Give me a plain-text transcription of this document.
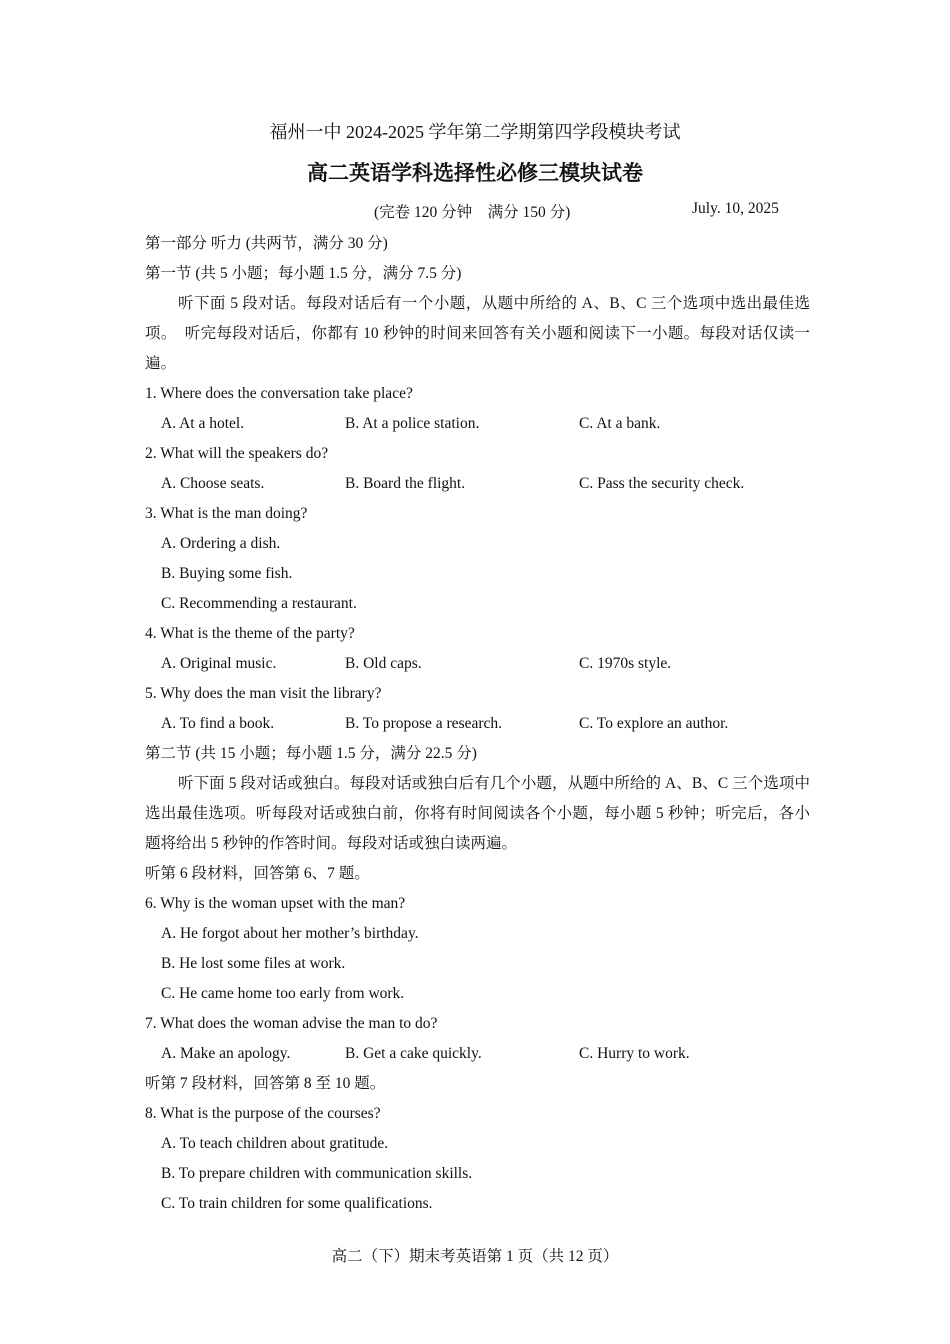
福州一中 2024-2025 学年第二学期第四学段模块考试
高二英语学科选择性必修三模块试卷
(完卷 120 分钟　满分 150 分)	July. 10, 2025
第一部分 听力 (共两节，满分 30 分)
第一节 (共 5 小题；每小题 1.5 分，满分 7.5 分)
听下面 5 段对话。每段对话后有一个小题，从题中所给的 A、B、C 三个选项中选出最佳选项。　听完每段对话后，你都有 10 秒钟的时间来回答有关小题和阅读下一小题。每段对话仅读一遍。
1. Where does the conversation take place?
A. At a hotel.	B. At a police station.	C. At a bank.
2. What will the speakers do?
A. Choose seats.	B. Board the flight.	C. Pass the security check.
3. What is the man doing?
A. Ordering a dish.
B. Buying some fish.
C. Recommending a restaurant.
4. What is the theme of the party?
A. Original music.	B. Old caps.	C. 1970s style.
5. Why does the man visit the library?
A. To find a book.	B. To propose a research.	C. To explore an author.
第二节 (共 15 小题；每小题 1.5 分，满分 22.5 分)
听下面 5 段对话或独白。每段对话或独白后有几个小题，从题中所给的 A、B、C 三个选项中选出最佳选项。听每段对话或独白前，你将有时间阅读各个小题，每小题 5 秒钟；听完后，各小题将给出 5 秒钟的作答时间。每段对话或独白读两遍。
听第 6 段材料，回答第 6、7 题。
6. Why is the woman upset with the man?
A. He forgot about her mother’s birthday.
B. He lost some files at work.
C. He came home too early from work.
7. What does the woman advise the man to do?
A. Make an apology.	B. Get a cake quickly.	C. Hurry to work.
听第 7 段材料，回答第 8 至 10 题。
8. What is the purpose of the courses?
A. To teach children about gratitude.
B. To prepare children with communication skills.
C. To train children for some qualifications.
高二（下）期末考英语第 1 页（共 12 页）
